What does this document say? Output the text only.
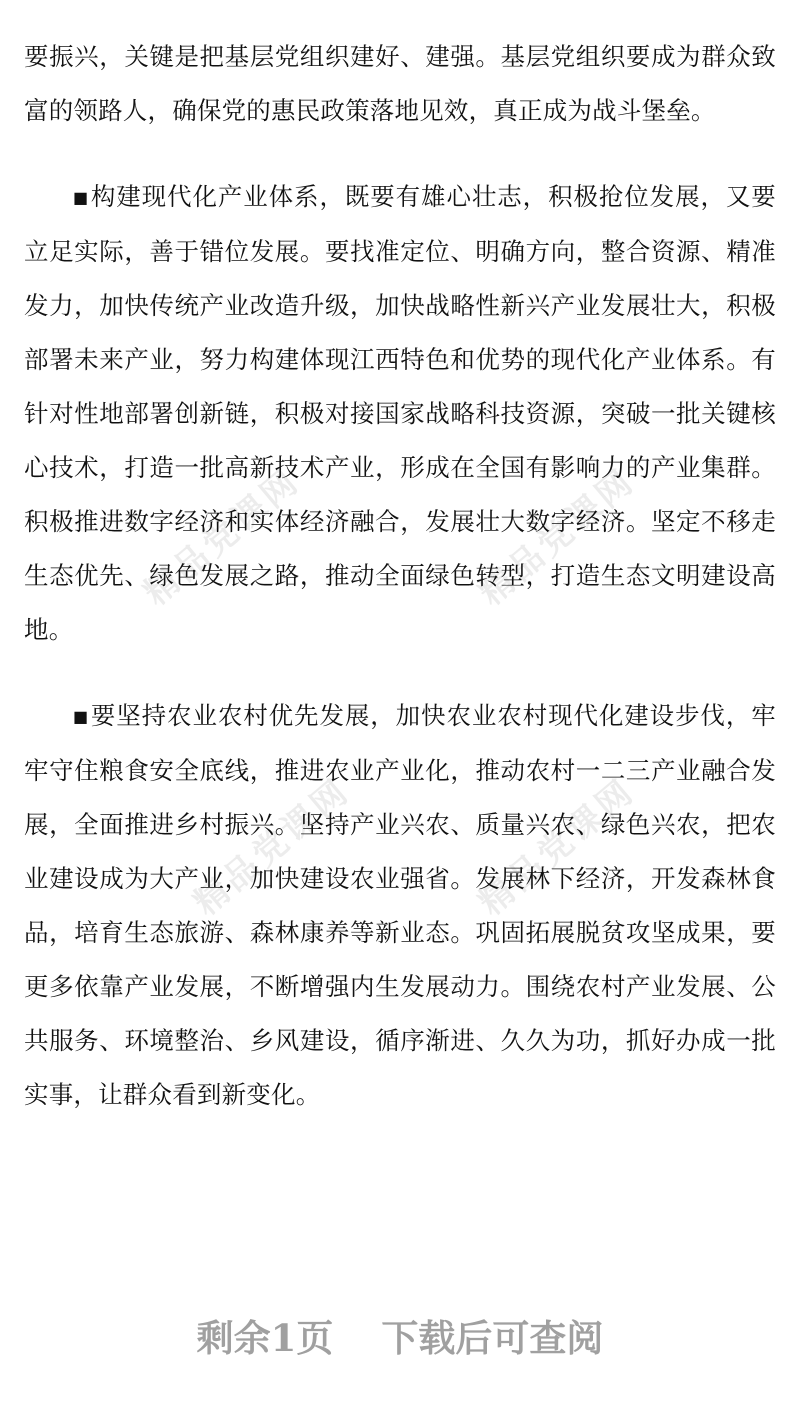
精品党课网	精品党课网
精品党课网	精品党课网

要振兴，关键是把基层党组织建好、建强。基层党组织要成为群众致富的领路人，确保党的惠民政策落地见效，真正成为战斗堡垒。

■构建现代化产业体系，既要有雄心壮志，积极抢位发展，又要立足实际，善于错位发展。要找准定位、明确方向，整合资源、精准发力，加快传统产业改造升级，加快战略性新兴产业发展壮大，积极部署未来产业，努力构建体现江西特色和优势的现代化产业体系。有针对性地部署创新链，积极对接国家战略科技资源，突破一批关键核心技术，打造一批高新技术产业，形成在全国有影响力的产业集群。积极推进数字经济和实体经济融合，发展壮大数字经济。坚定不移走生态优先、绿色发展之路，推动全面绿色转型，打造生态文明建设高地。

■要坚持农业农村优先发展，加快农业农村现代化建设步伐，牢牢守住粮食安全底线，推进农业产业化，推动农村一二三产业融合发展，全面推进乡村振兴。坚持产业兴农、质量兴农、绿色兴农，把农业建设成为大产业，加快建设农业强省。发展林下经济，开发森林食品，培育生态旅游、森林康养等新业态。巩固拓展脱贫攻坚成果，要更多依靠产业发展，不断增强内生发展动力。围绕农村产业发展、公共服务、环境整治、乡风建设，循序渐进、久久为功，抓好办成一批实事，让群众看到新变化。

剩余1页 下载后可查阅
